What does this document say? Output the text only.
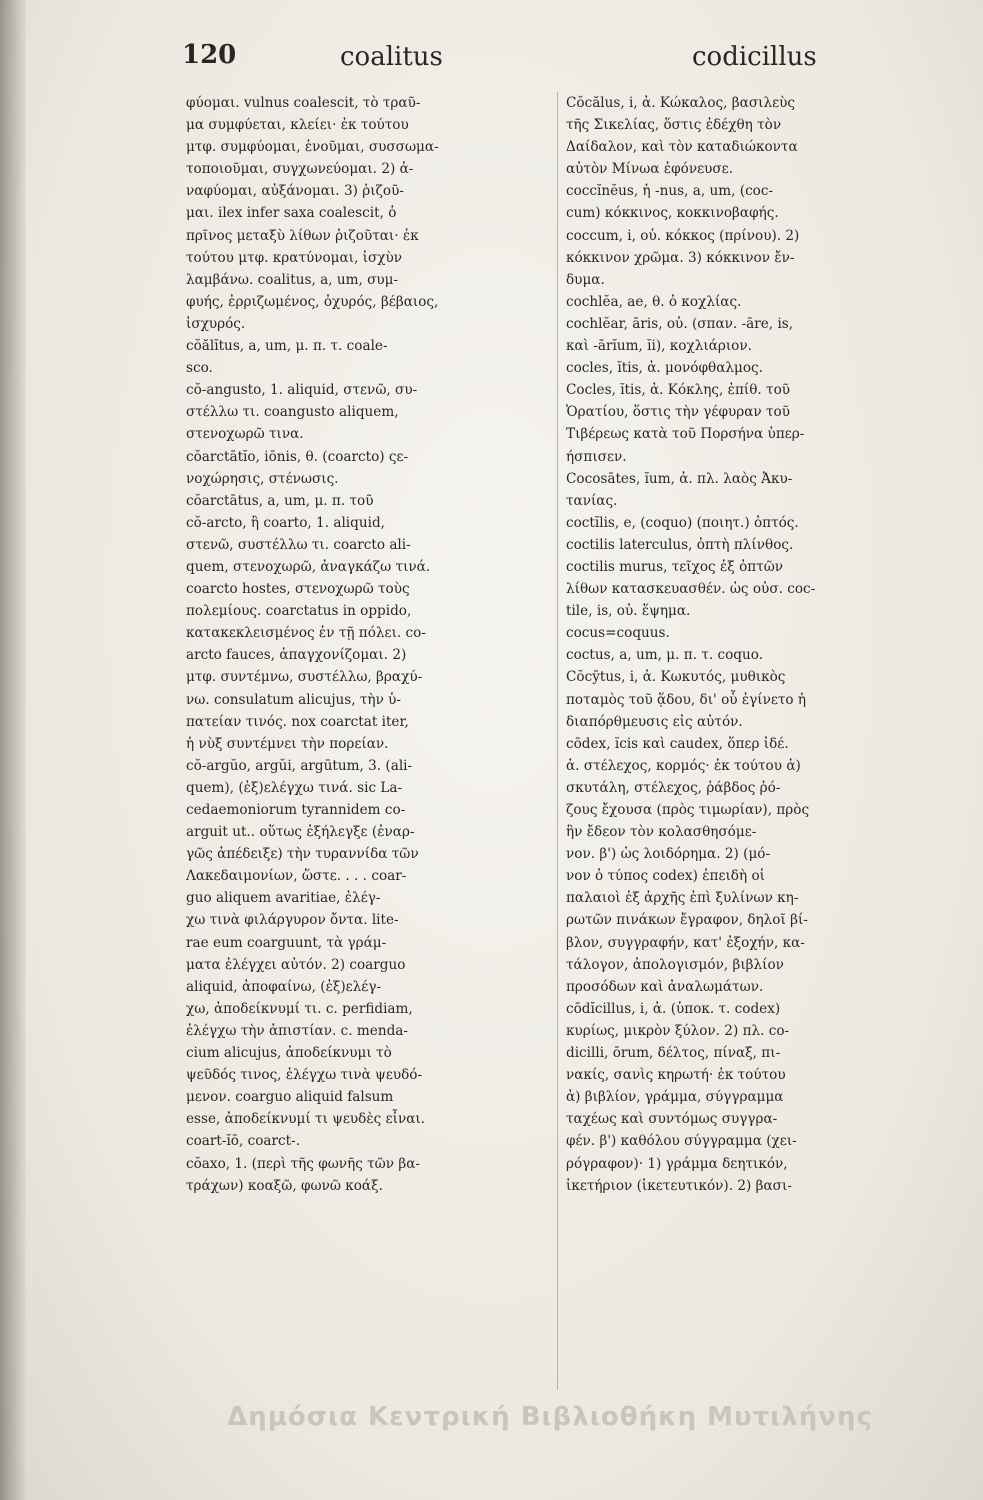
120	coalitus	codicillus
φύομαι. vulnus coalescit, τὸ τραῦ-
μα συμφύεται, κλείει· ἐκ τούτου
μτφ. συμφύομαι, ἑνοῦμαι, συσσωμα-
τοποιοῦμαι, συγχωνεύομαι. 2) ἀ-
ναφύομαι, αὐξάνομαι. 3) ῥιζοῦ-
μαι. ilex infer saxa coalescit, ὁ
πρῖνος μεταξὺ λίθων ῥιζοῦται· ἐκ
τούτου μτφ. κρατύνομαι, ἰσχὺν
λαμβάνω. coalitus, a, um, συμ-
φυής, ἐρριζωμένος, ὀχυρός, βέβαιος,
ἰσχυρός.
cŏălĭtus, a, um, μ. π. τ. coale-
sco.
cŏ-angusto, 1. aliquid, στενῶ, συ-
στέλλω τι. coangusto aliquem,
στενοχωρῶ τινα.
cŏarctātĭo, iōnis, θ. (coarcto) ςε-
νοχώρησις, στένωσις.
cŏarctātus, a, um, μ. π. τοῦ
cŏ-arcto, ἢ coarto, 1. aliquid,
στενῶ, συστέλλω τι. coarcto ali-
quem, στενοχωρῶ, ἀναγκάζω τινά.
coarcto hostes, στενοχωρῶ τοὺς
πολεμίους. coarctatus in oppido,
κατακεκλεισμένος ἐν τῇ πόλει. co-
arcto fauces, ἀπαγχονίζομαι. 2)
μτφ. συντέμνω, συστέλλω, βραχύ-
νω. consulatum alicujus, τὴν ὑ-
πατείαν τινός. nox coarctat iter,
ἡ νὺξ συντέμνει τὴν πορείαν.
cŏ-argŭo, argŭi, argūtum, 3. (ali-
quem), (ἐξ)ελέγχω τινά. sic La-
cedaemoniorum tyrannidem co-
arguit ut.. οὕτως ἐξήλεγξε (ἐναρ-
γῶς ἀπέδειξε) τὴν τυραννίδα τῶν
Λακεδαιμονίων, ὥστε. . . . coar-
guo aliquem avaritiae, ἐλέγ-
χω τινὰ φιλάργυρον ὄντα. lite-
rae eum coarguunt, τὰ γράμ-
ματα ἐλέγχει αὐτόν. 2) coarguo
aliquid, ἀποφαίνω, (ἐξ)ελέγ-
χω, ἀποδείκνυμί τι. c. perfidiam,
ἐλέγχω τὴν ἀπιστίαν. c. menda-
cium alicujus, ἀποδείκνυμι τὸ
ψεῦδός τινος, ἐλέγχω τινὰ ψευδό-
μενον. coarguo aliquid falsum
esse, ἀποδείκνυμί τι ψευδὲς εἶναι.
coart-ĭō, coarct-.
cŏaxo, 1. (περὶ τῆς φωνῆς τῶν βα-
τράχων) κοαξῶ, φωνῶ κοάξ.
Cŏcălus, i, ἀ. Κώκαλος, βασιλεὺς
τῆς Σικελίας, ὅστις ἐδέχθη τὸν
Δαίδαλον, καὶ τὸν καταδιώκοντα
αὐτὸν Μίνωα ἐφόνευσε.
coccĭnĕus, ἡ -nus, a, um, (coc-
cum) κόκκινος, κοκκινοβαφής.
coccum, i, οὐ. κόκκος (πρίνου). 2)
κόκκινον χρῶμα. 3) κόκκινον ἔν-
δυμα.
cochlĕa, ae, θ. ὁ κοχλίας.
cochlĕar, āris, οὐ. (σπαν. -āre, is,
καὶ -ārĭum, ĭi), κοχλιάριον.
cocles, ĭtis, ἀ. μονόφθαλμος.
Cocles, ĭtis, ἀ. Κόκλης, ἐπίθ. τοῦ
Ὁρατίου, ὅστις τὴν γέφυραν τοῦ
Τιβέρεως κατὰ τοῦ Πορσήνα ὑπερ-
ήσπισεν.
Cocosātes, ĭum, ἀ. πλ. λαὸς Ἀκυ-
τανίας.
coctĭlis, e, (coquo) (ποιητ.) ὀπτός.
coctilis laterculus, ὀπτὴ πλίνθος.
coctilis murus, τεῖχος ἐξ ὀπτῶν
λίθων κατασκευασθέν. ὡς οὐσ. coc-
tile, is, οὐ. ἕψημα.
cocus=coquus.
coctus, a, um, μ. π. τ. coquo.
Cŏcȳtus, i, ἀ. Κωκυτός, μυθικὸς
ποταμὸς τοῦ ᾅδου, δι' οὗ ἐγίνετο ἡ
διαπόρθμευσις εἰς αὐτόν.
cōdex, ĭcis καὶ caudex, ὅπερ ἰδέ.
ἀ. στέλεχος, κορμός· ἐκ τούτου ἀ)
σκυτάλη, στέλεχος, ῥάβδος ῥό-
ζους ἔχουσα (πρὸς τιμωρίαν), πρὸς
ἣν ἔδεον τὸν κολασθησόμε-
νον. β') ὡς λοιδόρημα. 2) (μό-
νον ὁ τύπος codex) ἐπειδὴ οἱ
παλαιοὶ ἐξ ἀρχῆς ἐπὶ ξυλίνων κη-
ρωτῶν πινάκων ἔγραφον, δηλοῖ βί-
βλον, συγγραφήν, κατ' ἐξοχήν, κα-
τάλογον, ἀπολογισμόν, βιβλίον
προσόδων καὶ ἀναλωμάτων.
cōdĭcillus, i, ἀ. (ὑποκ. τ. codex)
κυρίως, μικρὸν ξύλον. 2) πλ. co-
dicilli, ōrum, δέλτος, πίναξ, πι-
νακίς, σανὶς κηρωτή· ἐκ τούτου
ἀ) βιβλίον, γράμμα, σύγγραμμα
ταχέως καὶ συντόμως συγγρα-
φέν. β') καθόλου σύγγραμμα (χει-
ρόγραφον)· 1) γράμμα δεητικόν,
ἱκετήριον (ἱκετευτικόν). 2) βασι-
Δημόσια Κεντρική Βιβλιοθήκη Μυτιλήνης
